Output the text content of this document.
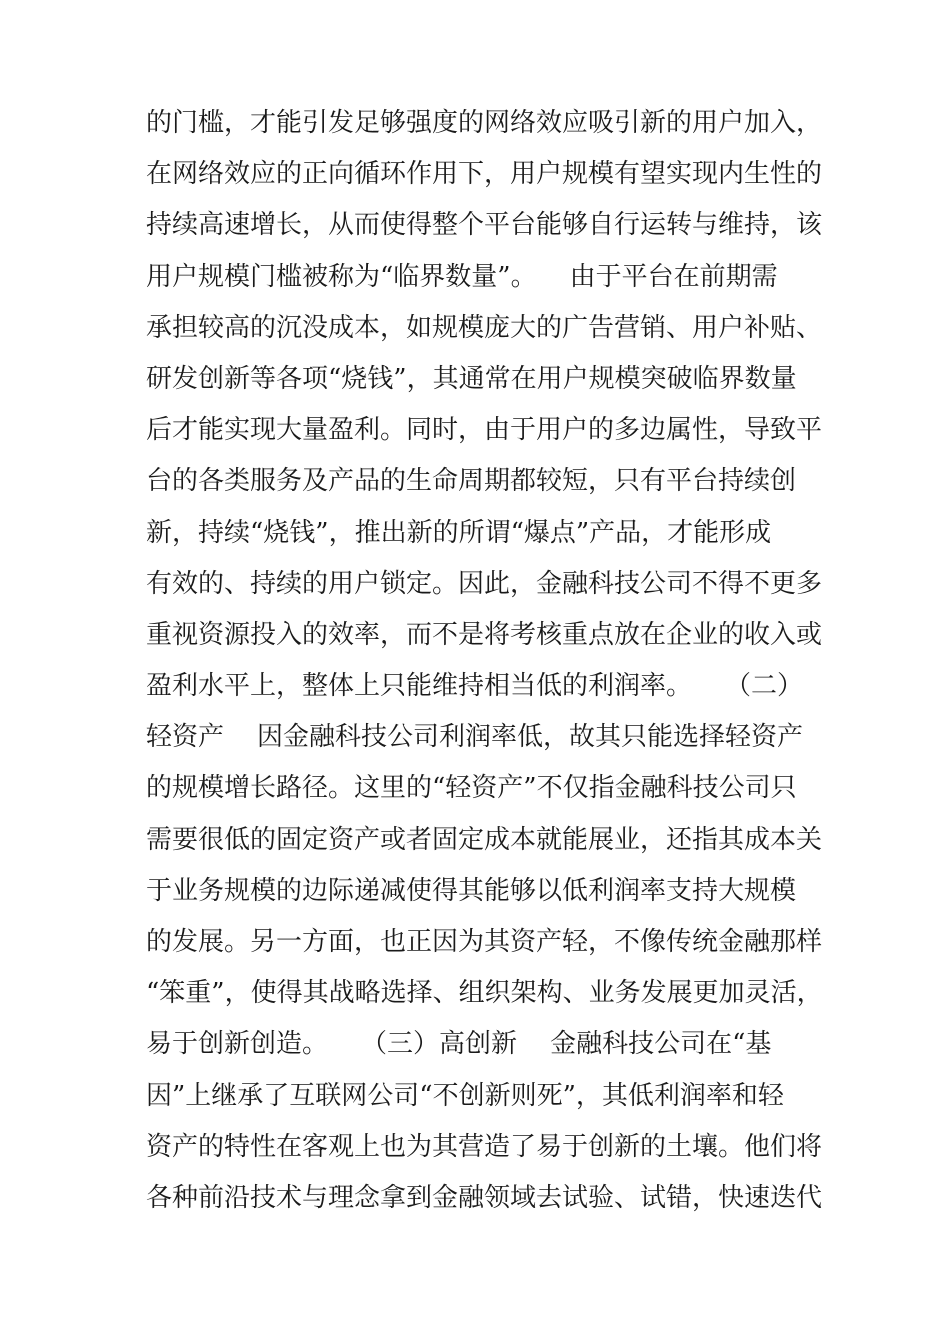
的门槛，才能引发足够强度的网络效应吸引新的用户加入，
在网络效应的正向循环作用下，用户规模有望实现内生性的
持续高速增长，从而使得整个平台能够自行运转与维持，该
用户规模门槛被称为“临界数量”。    由于平台在前期需
承担较高的沉没成本，如规模庞大的广告营销、用户补贴、
研发创新等各项“烧钱”，其通常在用户规模突破临界数量
后才能实现大量盈利。同时，由于用户的多边属性，导致平
台的各类服务及产品的生命周期都较短，只有平台持续创
新，持续“烧钱”，推出新的所谓“爆点”产品，才能形成
有效的、持续的用户锁定。因此，金融科技公司不得不更多
重视资源投入的效率，而不是将考核重点放在企业的收入或
盈利水平上，整体上只能维持相当低的利润率。    （二）
轻资产    因金融科技公司利润率低，故其只能选择轻资产
的规模增长路径。这里的“轻资产”不仅指金融科技公司只
需要很低的固定资产或者固定成本就能展业，还指其成本关
于业务规模的边际递减使得其能够以低利润率支持大规模
的发展。另一方面，也正因为其资产轻，不像传统金融那样
“笨重”，使得其战略选择、组织架构、业务发展更加灵活，
易于创新创造。    （三）高创新    金融科技公司在“基
因”上继承了互联网公司“不创新则死”，其低利润率和轻
资产的特性在客观上也为其营造了易于创新的土壤。他们将
各种前沿技术与理念拿到金融领域去试验、试错，快速迭代
